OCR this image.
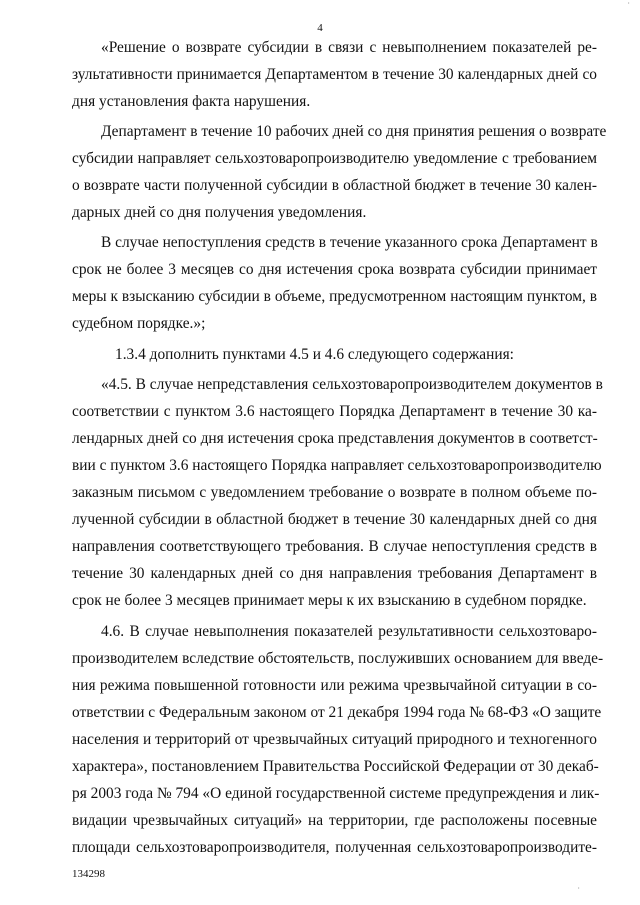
·
4
«Решение о возврате субсидии в связи с невыполнением показателей ре-
зультативности принимается Департаментом в течение 30 календарных дней со
дня установления факта нарушения.
Департамент в течение 10 рабочих дней со дня принятия решения о возврате
субсидии направляет сельхозтоваропроизводителю уведомление с требованием
о возврате части полученной субсидии в областной бюджет в течение 30 кален-
дарных дней со дня получения уведомления.
В случае непоступления средств в течение указанного срока Департамент в
срок не более 3 месяцев со дня истечения срока возврата субсидии принимает
меры к взысканию субсидии в объеме, предусмотренном настоящим пунктом, в
судебном порядке.»;
1.3.4 дополнить пунктами 4.5 и 4.6 следующего содержания:
«4.5. В случае непредставления сельхозтоваропроизводителем документов в
соответствии с пунктом 3.6 настоящего Порядка Департамент в течение 30 ка-
лендарных дней со дня истечения срока представления документов в соответст-
вии с пунктом 3.6 настоящего Порядка направляет сельхозтоваропроизводителю
заказным письмом с уведомлением требование о возврате в полном объеме по-
лученной субсидии в областной бюджет в течение 30 календарных дней со дня
направления соответствующего требования. В случае непоступления средств в
течение 30 календарных дней со дня направления требования Департамент в
срок не более 3 месяцев принимает меры к их взысканию в судебном порядке.
4.6. В случае невыполнения показателей результативности сельхозтоваро-
производителем вследствие обстоятельств, послуживших основанием для введе-
ния режима повышенной готовности или режима чрезвычайной ситуации в со-
ответствии с Федеральным законом от 21 декабря 1994 года № 68-ФЗ «О защите
населения и территорий от чрезвычайных ситуаций природного и техногенного
характера», постановлением Правительства Российской Федерации от 30 декаб-
ря 2003 года № 794 «О единой государственной системе предупреждения и лик-
видации чрезвычайных ситуаций» на территории, где расположены посевные
площади сельхозтоваропроизводителя, полученная сельхозтоваропроизводите-
134298
·
